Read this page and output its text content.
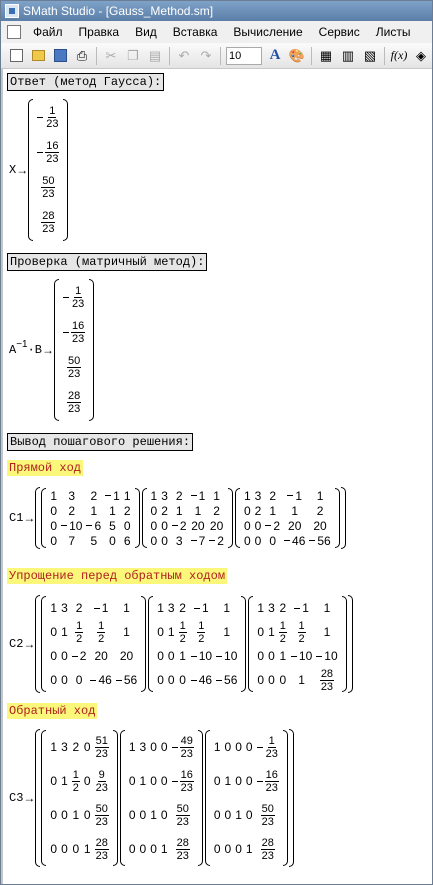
SMath Studio - [Gauss_Method.sm]
Файл	Правка	Вид	Вставка	Вычисление	Сервис	Листы
⎙ ✂ ❐ ▤ ↶ ↷ 10	A 🎨 ▦ ▥ ▧ f(x) ◈
Ответ (метод Гаусса):
X →
$\frac{1}{23}$
$\frac{16}{23}$
$\frac{50}{23}$
$\frac{28}{23}$
Проверка (матричный метод):
A −1 ·B →
$\frac{1}{23}$
$\frac{16}{23}$
$\frac{50}{23}$
$\frac{28}{23}$
Вывод пошагового решения:
Прямой ход
C1 →
1 3 2 1 1
0 2 1 1 2
0 10 6 5 0
0 7 5 0 6
1 3 2 1 1
0 2 1 1 2
0 0 2 20 20
0 0 3 7 2
1 3 2 1 1
0 2 1 1 2
0 0 2 20 20
0 0 0 46 56
Упрощение перед обратным ходом
C2 →
1 3 2 1 1
0 $1 \frac{1}{2} \frac{1}{2} 1$
0 0 2 20 20
0 0 0 46 56
1 3 2 1 1
0 $1 \frac{1}{2} \frac{1}{2} 1$
0 0 1 10 10
0 0 0 46 56
1 3 2 1 1
0 $1 \frac{1}{2} \frac{1}{2} 1$
0 0 1 10 10
0 0 0 $1 \frac{28}{23}$
Обратный ход
C3 →
1 3 2 $0 \frac{51}{23}$
0 $1 \frac{1}{2} 0 \frac{9}{23}$
0 0 1 $0 \frac{50}{23}$
0 0 0 $1 \frac{28}{23}$
1 3 0 $0 \frac{49}{23}$
0 1 0 $0 \frac{16}{23}$
0 0 1 $0 \frac{50}{23}$
0 0 0 $1 \frac{28}{23}$
1 0 0 $0 \frac{1}{23}$
0 1 0 $0 \frac{16}{23}$
0 0 1 $0 \frac{50}{23}$
0 0 0 $1 \frac{28}{23}$
